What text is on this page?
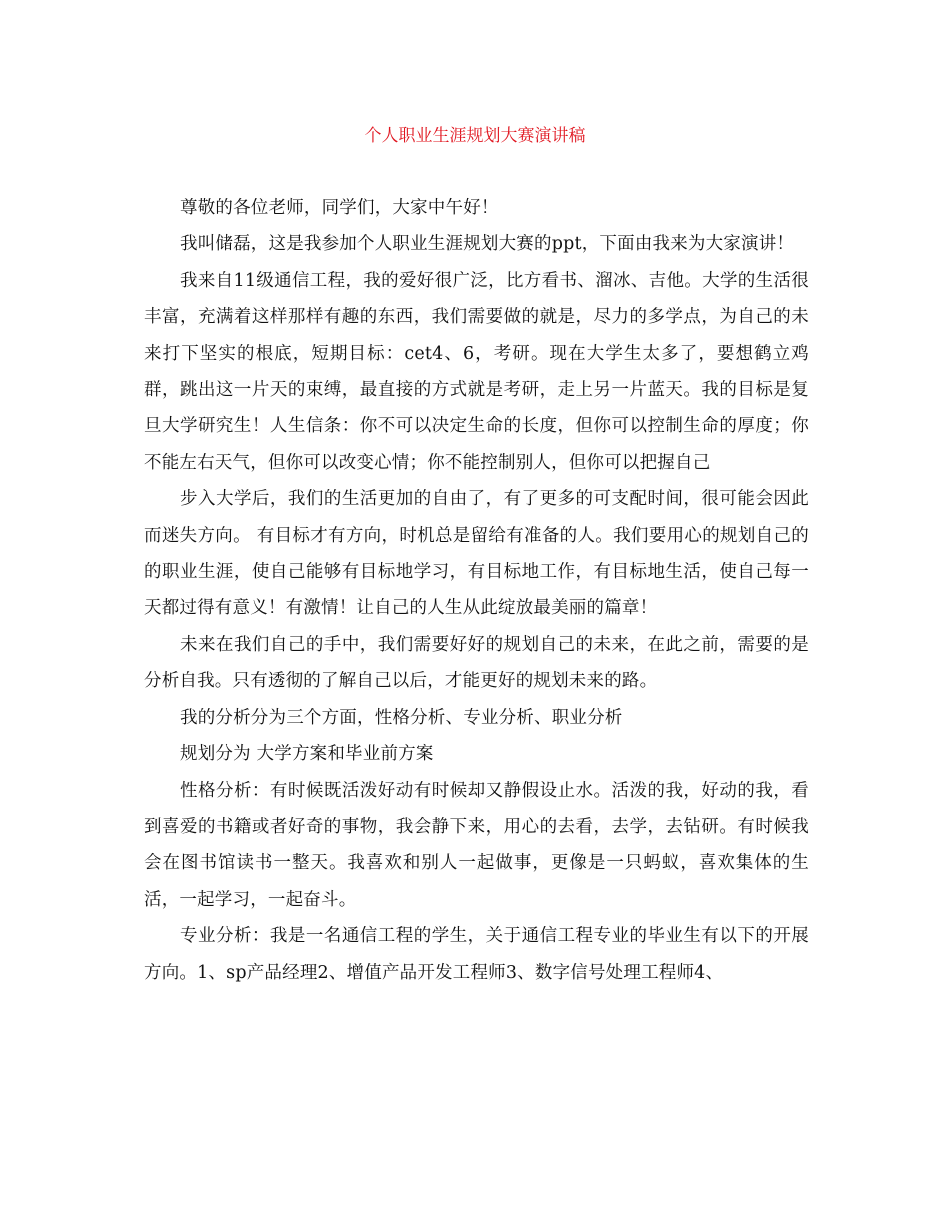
个人职业生涯规划大赛演讲稿

尊敬的各位老师，同学们，大家中午好！

我叫储磊，这是我参加个人职业生涯规划大赛的ppt，下面由我来为大家演讲！

我来自11级通信工程，我的爱好很广泛，比方看书、溜冰、吉他。大学的生活很丰富，充满着这样那样有趣的东西，我们需要做的就是，尽力的多学点，为自己的未来打下坚实的根底，短期目标：cet4、6，考研。现在大学生太多了，要想鹤立鸡群，跳出这一片天的束缚，最直接的方式就是考研，走上另一片蓝天。我的目标是复旦大学研究生！人生信条：你不可以决定生命的长度，但你可以控制生命的厚度；你不能左右天气，但你可以改变心情；你不能控制别人，但你可以把握自己

步入大学后，我们的生活更加的自由了，有了更多的可支配时间，很可能会因此而迷失方向。 有目标才有方向，时机总是留给有准备的人。我们要用心的规划自己的的职业生涯，使自己能够有目标地学习，有目标地工作，有目标地生活，使自己每一天都过得有意义！有激情！让自己的人生从此绽放最美丽的篇章！

未来在我们自己的手中，我们需要好好的规划自己的未来，在此之前，需要的是分析自我。只有透彻的了解自己以后，才能更好的规划未来的路。

我的分析分为三个方面，性格分析、专业分析、职业分析

规划分为 大学方案和毕业前方案

性格分析：有时候既活泼好动有时候却又静假设止水。活泼的我，好动的我，看到喜爱的书籍或者好奇的事物，我会静下来，用心的去看，去学，去钻研。有时候我会在图书馆读书一整天。我喜欢和别人一起做事，更像是一只蚂蚁，喜欢集体的生活，一起学习，一起奋斗。

专业分析：我是一名通信工程的学生，关于通信工程专业的毕业生有以下的开展方向。1、sp产品经理2、增值产品开发工程师3、数字信号处理工程师4、
